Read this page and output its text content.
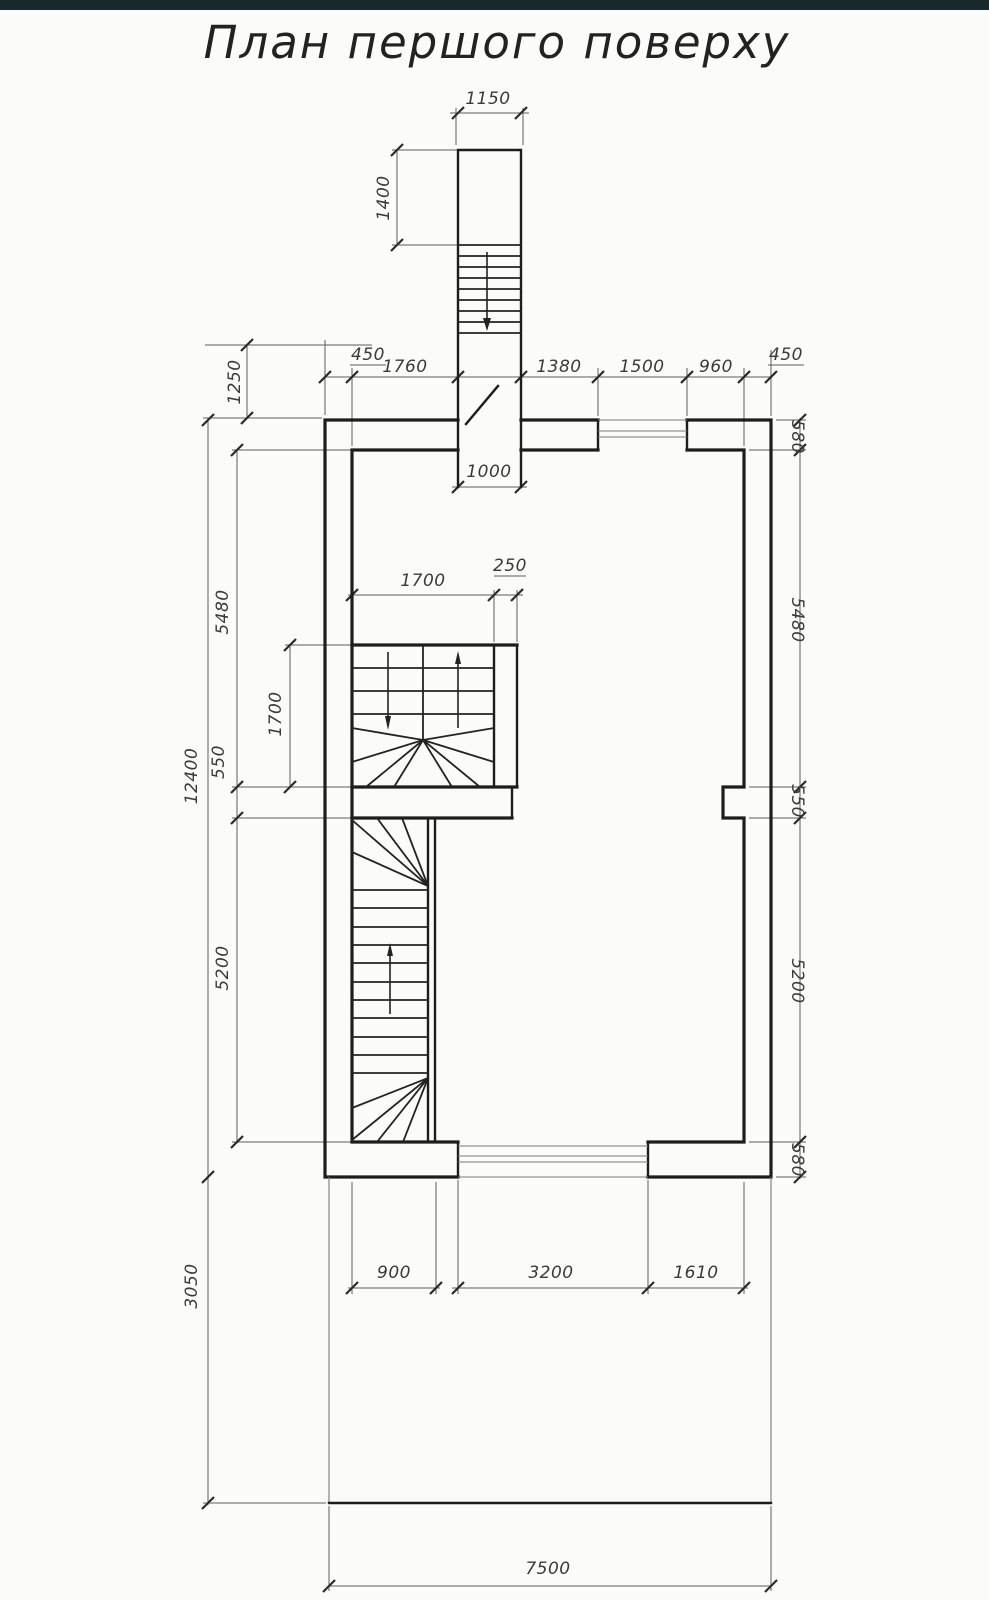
План першого поверху
1150
1400
450
1760	1380 1500 960
450
1000
1250
12400
5480
550
5200
1700
3050
580
5480
550
5200
580
1700
250
900	3200	1610
7500
